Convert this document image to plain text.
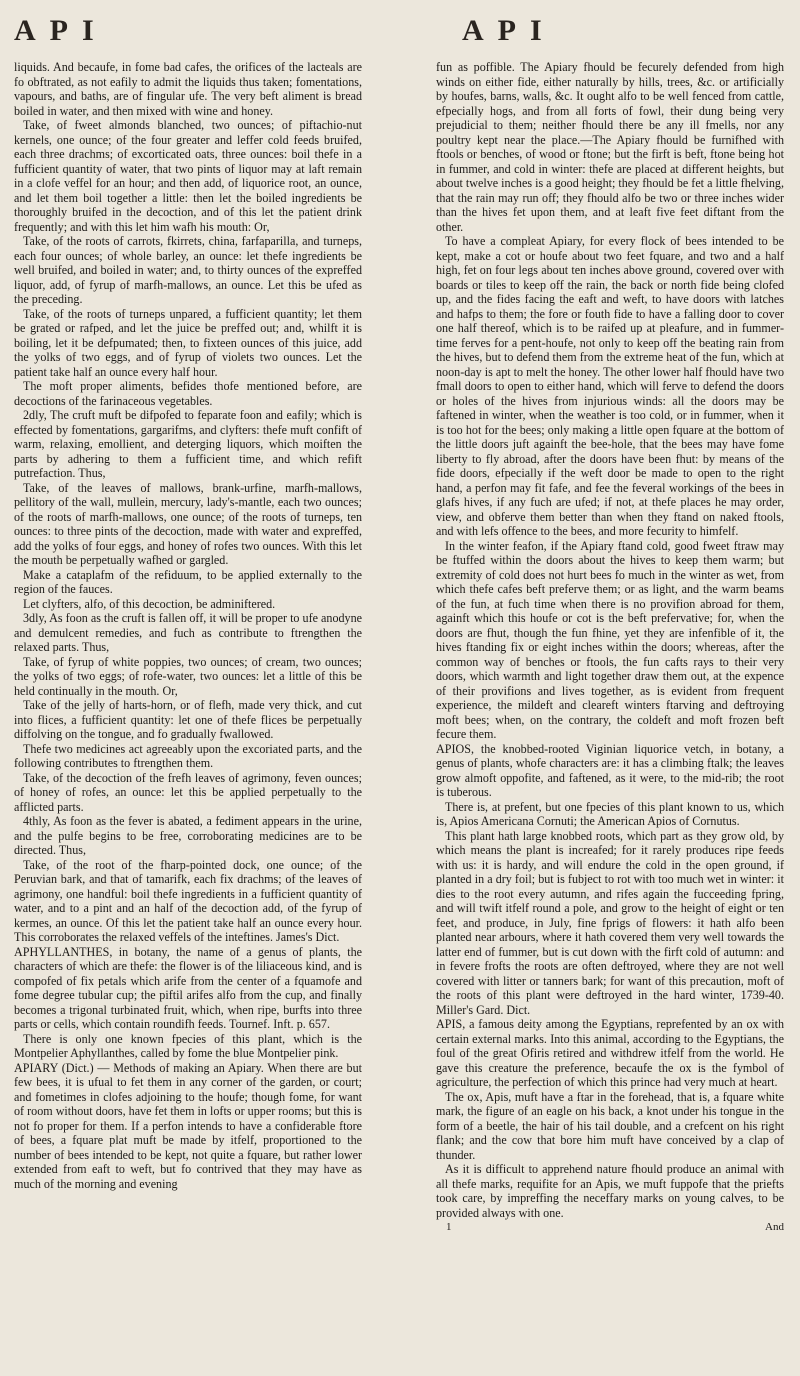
API	API

liquids. And becaufe, in fome bad cafes, the orifices of the lacteals are fo obftrated, as not eafily to admit the liquids thus taken; fomentations, vapours, and baths, are of fingular ufe. The very beft aliment is bread boiled in water, and then mixed with wine and honey.

Take, of fweet almonds blanched, two ounces; of piftachio-nut kernels, one ounce; of the four greater and leffer cold feeds bruifed, each three drachms; of excorticated oats, three ounces: boil thefe in a fufficient quantity of water, that two pints of liquor may at laft remain in a clofe veffel for an hour; and then add, of liquorice root, an ounce, and let them boil together a little: then let the boiled ingredients be thoroughly bruifed in the decoction, and of this let the patient drink frequently; and with this let him wafh his mouth: Or,

Take, of the roots of carrots, fkirrets, china, farfaparilla, and turneps, each four ounces; of whole barley, an ounce: let thefe ingredients be well bruifed, and boiled in water; and, to thirty ounces of the expreffed liquor, add, of fyrup of marfh-mallows, an ounce. Let this be ufed as the preceding.

Take, of the roots of turneps unpared, a fufficient quantity; let them be grated or rafped, and let the juice be preffed out; and, whilft it is boiling, let it be defpumated; then, to fixteen ounces of this juice, add the yolks of two eggs, and of fyrup of violets two ounces. Let the patient take half an ounce every half hour.

The moft proper aliments, befides thofe mentioned before, are decoctions of the farinaceous vegetables.

2dly, The cruft muft be difpofed to feparate foon and eafily; which is effected by fomentations, gargarifms, and clyfters: thefe muft confift of warm, relaxing, emollient, and deterging liquors, which moiften the parts by adhering to them a fufficient time, and which refift putrefaction. Thus,

Take, of the leaves of mallows, brank-urfine, marfh-mallows, pellitory of the wall, mullein, mercury, lady's-mantle, each two ounces; of the roots of marfh-mallows, one ounce; of the roots of turneps, ten ounces: to three pints of the decoction, made with water and expreffed, add the yolks of four eggs, and honey of rofes two ounces. With this let the mouth be perpetually wafhed or gargled.

Make a cataplafm of the refiduum, to be applied externally to the region of the fauces.

Let clyfters, alfo, of this decoction, be adminiftered.

3dly, As foon as the cruft is fallen off, it will be proper to ufe anodyne and demulcent remedies, and fuch as contribute to ftrengthen the relaxed parts. Thus,

Take, of fyrup of white poppies, two ounces; of cream, two ounces; the yolks of two eggs; of rofe-water, two ounces: let a little of this be held continually in the mouth. Or,

Take of the jelly of harts-horn, or of flefh, made very thick, and cut into flices, a fufficient quantity: let one of thefe flices be perpetually diffolving on the tongue, and fo gradually fwallowed.

Thefe two medicines act agreeably upon the excoriated parts, and the following contributes to ftrengthen them.

Take, of the decoction of the frefh leaves of agrimony, feven ounces; of honey of rofes, an ounce: let this be applied perpetually to the afflicted parts.

4thly, As foon as the fever is abated, a fediment appears in the urine, and the pulfe begins to be free, corroborating medicines are to be directed. Thus,

Take, of the root of the fharp-pointed dock, one ounce; of the Peruvian bark, and that of tamarifk, each fix drachms; of the leaves of agrimony, one handful: boil thefe ingredients in a fufficient quantity of water, and to a pint and an half of the decoction add, of the fyrup of kermes, an ounce. Of this let the patient take half an ounce every hour. This corroborates the relaxed veffels of the inteftines. James's Dict.

APHYLLANTHES, in botany, the name of a genus of plants, the characters of which are thefe: the flower is of the liliaceous kind, and is compofed of fix petals which arife from the center of a fquamofe and fome degree tubular cup; the piftil arifes alfo from the cup, and finally becomes a trigonal turbinated fruit, which, when ripe, burfts into three parts or cells, which contain roundifh feeds. Tournef. Inft. p. 657.

There is only one known fpecies of this plant, which is the Montpelier Aphyllanthes, called by fome the blue Montpelier pink.

APIARY (Dict.) — Methods of making an Apiary. When there are but few bees, it is ufual to fet them in any corner of the garden, or court; and fometimes in clofes adjoining to the houfe; though fome, for want of room without doors, have fet them in lofts or upper rooms; but this is not fo proper for them. If a perfon intends to have a confiderable ftore of bees, a fquare plat muft be made by itfelf, proportioned to the number of bees intended to be kept, not quite a fquare, but rather lower extended from eaft to weft, but fo contrived that they may have as much of the morning and evening

fun as poffible. The Apiary fhould be fecurely defended from high winds on either fide, either naturally by hills, trees, &c. or artificially by houfes, barns, walls, &c. It ought alfo to be well fenced from cattle, efpecially hogs, and from all forts of fowl, their dung being very prejudicial to them; neither fhould there be any ill fmells, nor any poultry kept near the place.—The Apiary fhould be furnifhed with ftools or benches, of wood or ftone; but the firft is beft, ftone being hot in fummer, and cold in winter: thefe are placed at different heights, but about twelve inches is a good height; they fhould be fet a little fhelving, that the rain may run off; they fhould alfo be two or three inches wider than the hives fet upon them, and at leaft five feet diftant from the other.

To have a compleat Apiary, for every flock of bees intended to be kept, make a cot or houfe about two feet fquare, and two and a half high, fet on four legs about ten inches above ground, covered over with boards or tiles to keep off the rain, the back or north fide being clofed up, and the fides facing the eaft and weft, to have doors with latches and hafps to them; the fore or fouth fide to have a falling door to cover one half thereof, which is to be raifed up at pleafure, and in fummer-time ferves for a pent-houfe, not only to keep off the beating rain from the hives, but to defend them from the extreme heat of the fun, which at noon-day is apt to melt the honey. The other lower half fhould have two fmall doors to open to either hand, which will ferve to defend the doors or holes of the hives from injurious winds: all the doors may be faftened in winter, when the weather is too cold, or in fummer, when it is too hot for the bees; only making a little open fquare at the bottom of the little doors juft againft the bee-hole, that the bees may have fome liberty to fly abroad, after the doors have been fhut: by means of the fide doors, efpecially if the weft door be made to open to the right hand, a perfon may fit fafe, and fee the feveral workings of the bees in glafs hives, if any fuch are ufed; if not, at thefe places he may order, view, and obferve them better than when they ftand on naked ftools, and with lefs offence to the bees, and more fecurity to himfelf.

In the winter feafon, if the Apiary ftand cold, good fweet ftraw may be ftuffed within the doors about the hives to keep them warm; but extremity of cold does not hurt bees fo much in the winter as wet, from which thefe cafes beft preferve them; or as light, and the warm beams of the fun, at fuch time when there is no provifion abroad for them, againft which this houfe or cot is the beft prefervative; for, when the doors are fhut, though the fun fhine, yet they are infenfible of it, the hives ftanding fix or eight inches within the doors; whereas, after the common way of benches or ftools, the fun cafts rays to their very doors, which warmth and light together draw them out, at the expence of their provifions and lives together, as is evident from frequent experience, the mildeft and cleareft winters ftarving and deftroying moft bees; when, on the contrary, the coldeft and moft frozen beft fecure them.

APIOS, the knobbed-rooted Viginian liquorice vetch, in botany, a genus of plants, whofe characters are: it has a climbing ftalk; the leaves grow almoft oppofite, and faftened, as it were, to the mid-rib; the root is tuberous.

There is, at prefent, but one fpecies of this plant known to us, which is, Apios Americana Cornuti; the American Apios of Cornutus.

This plant hath large knobbed roots, which part as they grow old, by which means the plant is increafed; for it rarely produces ripe feeds with us: it is hardy, and will endure the cold in the open ground, if planted in a dry foil; but is fubject to rot with too much wet in winter: it dies to the root every autumn, and rifes again the fucceeding fpring, and will twift itfelf round a pole, and grow to the height of eight or ten feet, and produce, in July, fine fprigs of flowers: it hath alfo been planted near arbours, where it hath covered them very well towards the latter end of fummer, but is cut down with the firft cold of autumn: and in fevere frofts the roots are often deftroyed, where they are not well covered with litter or tanners bark; for want of this precaution, moft of the roots of this plant were deftroyed in the hard winter, 1739-40. Miller's Gard. Dict.

APIS, a famous deity among the Egyptians, reprefented by an ox with certain external marks. Into this animal, according to the Egyptians, the foul of the great Ofiris retired and withdrew itfelf from the world. He gave this creature the preference, becaufe the ox is the fymbol of agriculture, the perfection of which this prince had very much at heart.

The ox, Apis, muft have a ftar in the forehead, that is, a fquare white mark, the figure of an eagle on his back, a knot under his tongue in the form of a beetle, the hair of his tail double, and a crefcent on his right flank; and the cow that bore him muft have conceived by a clap of thunder.

As it is difficult to apprehend nature fhould produce an animal with all thefe marks, requifite for an Apis, we muft fuppofe that the priefts took care, by impreffing the neceffary marks on young calves, to be provided always with one.

1	And
